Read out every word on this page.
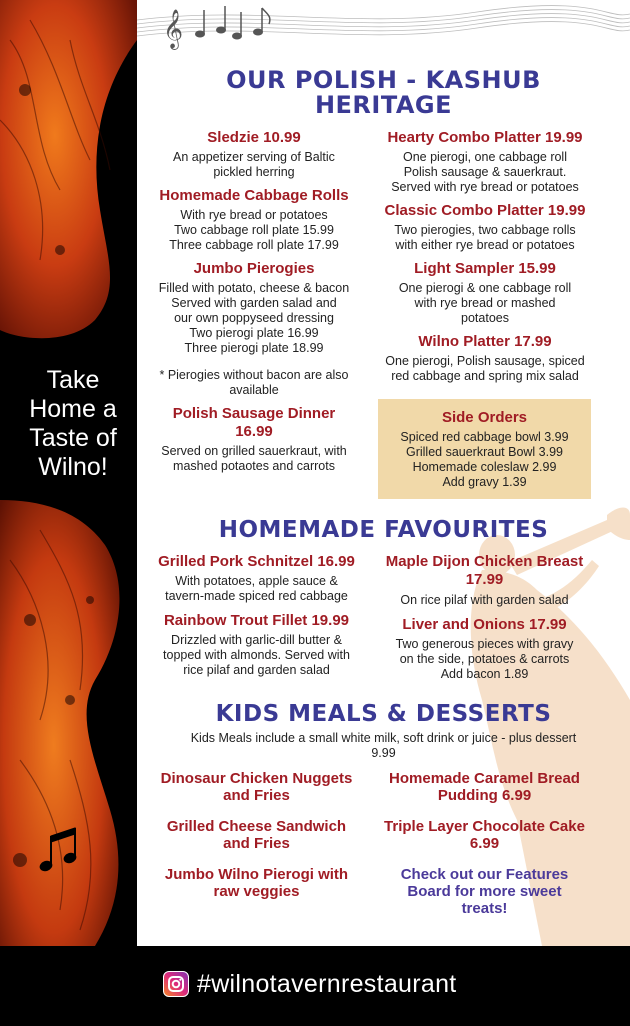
Take Home a Taste of Wilno!
𝄞
OUR POLISH - KASHUB
HERITAGE
Sledzie 10.99
An appetizer serving of Baltic
pickled herring
Homemade Cabbage Rolls
With rye bread or potatoes
Two cabbage roll plate 15.99
Three cabbage roll plate 17.99
Jumbo Pierogies
Filled with potato, cheese & bacon
Served with garden salad and
our own poppyseed dressing
Two pierogi plate 16.99
Three pierogi plate 18.99
* Pierogies without bacon are also
available
Polish Sausage Dinner
16.99
Served on grilled sauerkraut, with
mashed potaotes and carrots
Hearty Combo Platter 19.99
One pierogi, one cabbage roll
Polish sausage & sauerkraut.
Served with rye bread or potatoes
Classic Combo Platter 19.99
Two pierogies, two cabbage rolls
with either rye bread or potatoes
Light Sampler 15.99
One pierogi & one cabbage roll
with rye bread or mashed
potatoes
Wilno Platter 17.99
One pierogi, Polish sausage, spiced
red cabbage and spring mix salad
Side Orders
Spiced red cabbage bowl 3.99
Grilled sauerkraut Bowl 3.99
Homemade coleslaw 2.99
Add gravy 1.39
HOMEMADE FAVOURITES
Grilled Pork Schnitzel 16.99
With potatoes, apple sauce &
tavern-made spiced red cabbage
Rainbow Trout Fillet 19.99
Drizzled with garlic-dill butter &
topped with almonds. Served with
rice pilaf and garden salad
Maple Dijon Chicken Breast
17.99
On rice pilaf with garden salad
Liver and Onions 17.99
Two generous pieces with gravy
on the side, potatoes & carrots
Add bacon 1.89
KIDS MEALS & DESSERTS
Kids Meals include a small white milk, soft drink or juice - plus dessert
9.99
Dinosaur Chicken Nuggets
and Fries
Grilled Cheese Sandwich
and Fries
Jumbo Wilno Pierogi with
raw veggies
Homemade Caramel Bread
Pudding 6.99
Triple Layer Chocolate Cake
6.99
Check out our Features
Board for more sweet
treats!
#wilnotavernrestaurant
